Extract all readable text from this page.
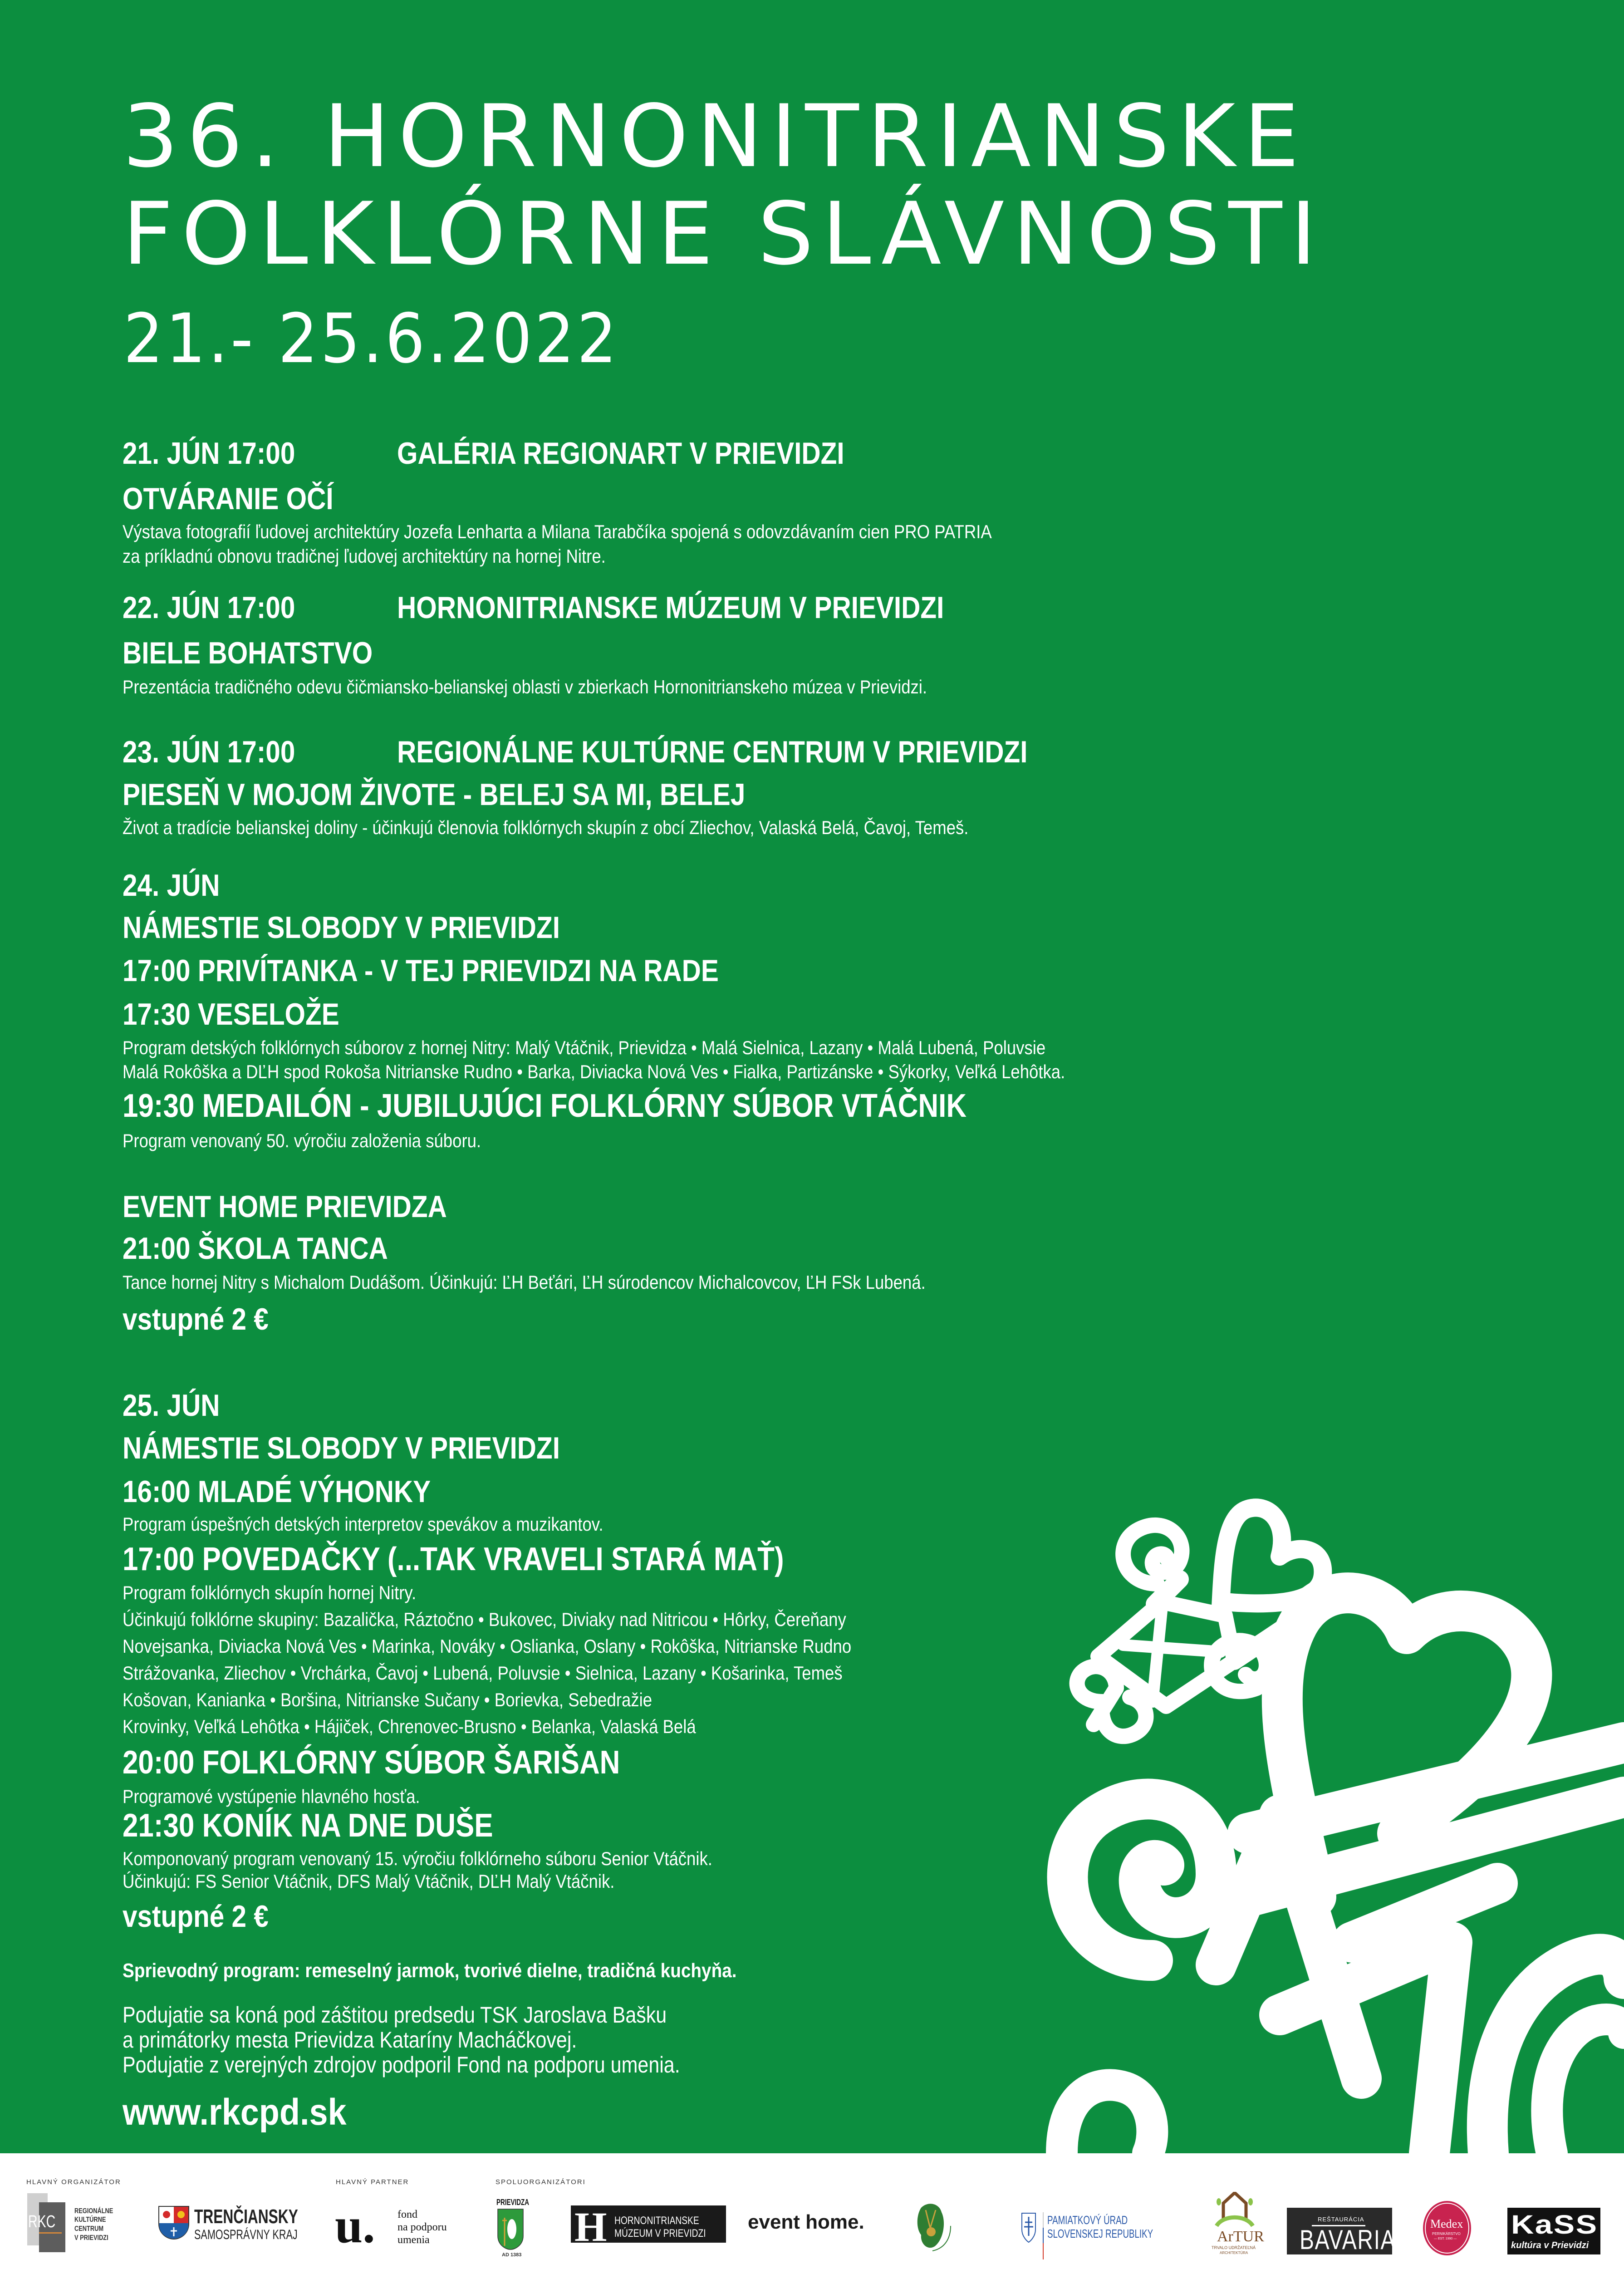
36. HORNONITRIANSKE
FOLKLÓRNE SLÁVNOSTI
21.- 25.6.2022
21. JÚN 17:00	GALÉRIA REGIONART V PRIEVIDZI
OTVÁRANIE OČÍ
Výstava fotografií ľudovej architektúry Jozefa Lenharta a Milana Tarabčíka spojená s odovzdávaním cien PRO PATRIA
za príkladnú obnovu tradičnej ľudovej architektúry na hornej Nitre.
22. JÚN 17:00	HORNONITRIANSKE MÚZEUM V PRIEVIDZI
BIELE BOHATSTVO
Prezentácia tradičného odevu čičmiansko-belianskej oblasti v zbierkach Hornonitrianskeho múzea v Prievidzi.
23. JÚN 17:00	REGIONÁLNE KULTÚRNE CENTRUM V PRIEVIDZI
PIESEŇ V MOJOM ŽIVOTE - BELEJ SA MI, BELEJ
Život a tradície belianskej doliny - účinkujú členovia folklórnych skupín z obcí Zliechov, Valaská Belá, Čavoj, Temeš.
24. JÚN
NÁMESTIE SLOBODY V PRIEVIDZI
17:00 PRIVÍTANKA - V TEJ PRIEVIDZI NA RADE
17:30 VESELOŽE
Program detských folklórnych súborov z hornej Nitry: Malý Vtáčnik, Prievidza • Malá Sielnica, Lazany • Malá Lubená, Poluvsie
Malá Rokôška a DĽH spod Rokoša Nitrianske Rudno • Barka, Diviacka Nová Ves • Fialka, Partizánske • Sýkorky, Veľká Lehôtka.
19:30 MEDAILÓN - JUBILUJÚCI FOLKLÓRNY SÚBOR VTÁČNIK
Program venovaný 50. výročiu založenia súboru.
EVENT HOME PRIEVIDZA
21:00 ŠKOLA TANCA
Tance hornej Nitry s Michalom Dudášom. Účinkujú: ĽH Beťári, ĽH súrodencov Michalcovcov, ĽH FSk Lubená.
vstupné 2 €
25. JÚN
NÁMESTIE SLOBODY V PRIEVIDZI
16:00 MLADÉ VÝHONKY
Program úspešných detských interpretov spevákov a muzikantov.
17:00 POVEDAČKY (...TAK VRAVELI STARÁ MAŤ)
Program folklórnych skupín hornej Nitry.
Účinkujú folklórne skupiny: Bazalička, Ráztočno • Bukovec, Diviaky nad Nitricou • Hôrky, Čereňany
Novejsanka, Diviacka Nová Ves • Marinka, Nováky • Oslianka, Oslany • Rokôška, Nitrianske Rudno
Strážovanka, Zliechov • Vrchárka, Čavoj • Lubená, Poluvsie • Sielnica, Lazany • Košarinka, Temeš
Košovan, Kanianka • Boršina, Nitrianske Sučany • Borievka, Sebedražie
Krovinky, Veľká Lehôtka • Hájiček, Chrenovec-Brusno • Belanka, Valaská Belá
20:00 FOLKLÓRNY SÚBOR ŠARIŠAN
Programové vystúpenie hlavného hosťa.
21:30 KONÍK NA DNE DUŠE
Komponovaný program venovaný 15. výročiu folklórneho súboru Senior Vtáčnik.
Účinkujú: FS Senior Vtáčnik, DFS Malý Vtáčnik, DĽH Malý Vtáčnik.
vstupné 2 €
Sprievodný program: remeselný jarmok, tvorivé dielne, tradičná kuchyňa.
Podujatie sa koná pod záštitou predsedu TSK Jaroslava Bašku
a primátorky mesta Prievidza Kataríny Macháčkovej.
Podujatie z verejných zdrojov podporil Fond na podporu umenia.
www.rkcpd.sk
HLAVNÝ ORGANIZÁTOR	HLAVNÝ PARTNER	SPOLUORGANIZÁTORI
RKC
REGIONÁLNE
KULTÚRNE
CENTRUM
V PRIEVIDZI
TRENČIANSKY
SAMOSPRÁVNY KRAJ u. fond
na podporu
umenia
PRIEVIDZA
AD 1383
H HORNONITRIANSKE
MÚZEUM V PRIEVIDZI
event home.	PAMIATKOVÝ ÚRAD
SLOVENSKEJ REPUBLIKY	ArTUR
TRVALO UDRŽATEĽNÁ
ARCHITEKTÚRA
REŠTAURÁCIA
BAVARIA
Medex
PERNIKÁRSTVO
— EST. 1990 — KaSS
kultúra v Prievidzi
